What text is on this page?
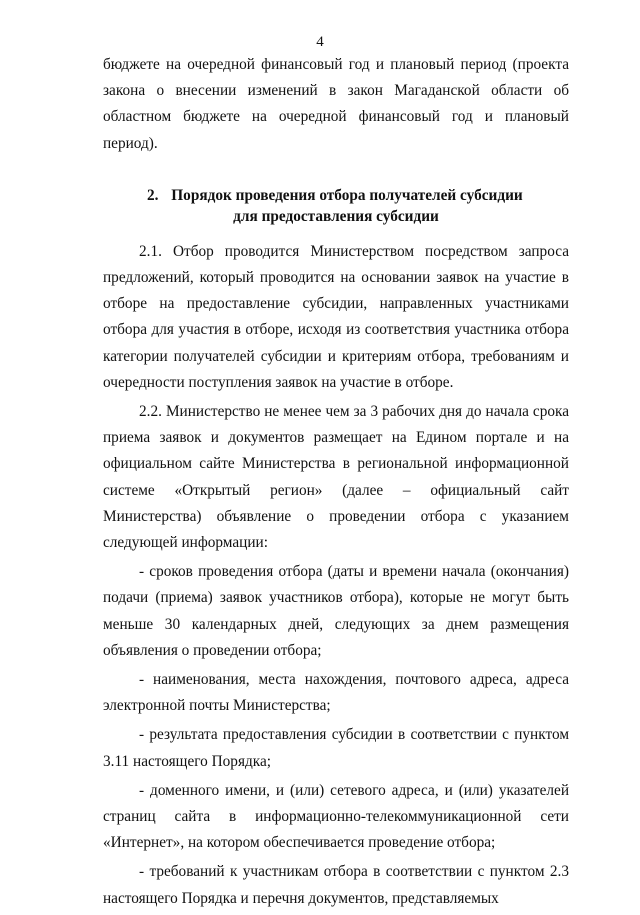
4

бюджете на очередной финансовый год и плановый период (проекта закона о внесении изменений в закон Магаданской области об областном бюджете на очередной финансовый год и плановый период).

2. Порядок проведения отбора получателей субсидии
для предоставления субсидии

2.1. Отбор проводится Министерством посредством запроса предложений, который проводится на основании заявок на участие в отборе на предоставление субсидии, направленных участниками отбора для участия в отборе, исходя из соответствия участника отбора категории получателей субсидии и критериям отбора, требованиям и очередности поступления заявок на участие в отборе.

2.2. Министерство не менее чем за 3 рабочих дня до начала срока приема заявок и документов размещает на Едином портале и на официальном сайте Министерства в региональной информационной системе «Открытый регион» (далее – официальный сайт Министерства) объявление о проведении отбора с указанием следующей информации:

- сроков проведения отбора (даты и времени начала (окончания) подачи (приема) заявок участников отбора), которые не могут быть меньше 30 календарных дней, следующих за днем размещения объявления о проведении отбора;

- наименования, места нахождения, почтового адреса, адреса электронной почты Министерства;

- результата предоставления субсидии в соответствии с пунктом 3.11 настоящего Порядка;

- доменного имени, и (или) сетевого адреса, и (или) указателей страниц сайта в информационно-телекоммуникационной сети «Интернет», на котором обеспечивается проведение отбора;

- требований к участникам отбора в соответствии с пунктом 2.3 настоящего Порядка и перечня документов, представляемых
